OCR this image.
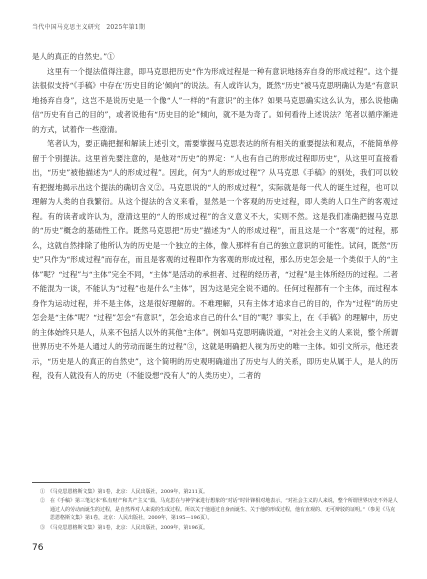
当代中国马克思主义研究　2025年第1期

是人的真正的自然史。”①

这里有一个提法值得注意，即马克思把历史“作为形成过程是一种有意识地扬弃自身的形成过程”。这个提法很似支持“《手稿》中存在‘历史目的论’倾向”的说法。有人或许认为，既然“历史”被马克思明确认为是“有意识地扬弃自身”，这岂不是说历史是一个像“人”一样的“有意识”的主体？如果马克思确实这么认为，那么说他确信“历史有自己的目的”，或者说他有“历史目的论”倾向，就不是为奇了。如何看待上述说法？笔者以循序渐进的方式，试着作一些澄清。

笔者认为，要正确把握和解读上述引文，需要掌握马克思表达的所有相关的重要提法和观点，不能简单停留于个别提法。这里首先要注意的，是他对“历史”的界定：“人也有自己的形成过程即历史”，从这里可直接看出，“历史”被他描述为“人的形成过程”。因此，何为“人的形成过程”？从马克思《手稿》的别处，我们可以较有把握地揭示出这个提法的确切含义②。马克思说的“人的形成过程”，实际就是每一代人的诞生过程，也可以理解为人类的自我繁衍。从这个提法的含义来看，显然是一个客观的历史过程，即人类的人口生产的客观过程。有的读者或许认为，澄清这里的“人的形成过程”的含义意义不大，实则不然。这是我们准确把握马克思的“历史”概念的基础性工作。既然马克思把“历史”描述为“人的形成过程”，而且这是一个“客观”的过程，那么，这就自然排除了他所认为的历史是一个独立的主体，像人那样有自己的独立意识的可能性。试问，既然“历史”只作为“形成过程”而存在，而且是客观的过程即作为客观的形成过程，那么历史怎会是一个类似于人的“主体”呢？“过程”与“主体”完全不同，“主体”是活动的承担者、过程的经历者，“过程”是主体所经历的过程。二者不能混为一谈，不能认为“过程”也是什么“主体”，因为这是完全说不通的。任何过程都有一个主体，而过程本身作为运动过程，并不是主体，这是很好理解的。不难理解，只有主体才追求自己的目的，作为“过程”的历史怎会是“主体”呢？“过程”怎会“有意识”，怎会追求自己的什么“目的”呢？事实上，在《手稿》的理解中，历史的主体始终只是人，从来不包括人以外的其他“主体”。例如马克思明确说道，“对社会主义的人来说，整个所谓世界历史不外是人通过人的劳动而诞生的过程”③，这就是明确把人视为历史的唯一主体。如引文所示，他还表示，“历史是人的真正的自然史”，这个简明的历史观明确道出了历史与人的关系，即历史从属于人，是人的历程，没有人就没有人的历史（不能设想“没有人”的人类历史），二者的

①　《马克思恩格斯文集》第1卷，北京：人民出版社，2009年，第211页。

②　在《手稿》第三笔记本“私有财产和共产主义”篇，马克思在与神学家进行想象的“对话”时针锋相对地表示，“对社会主义的人来说，整个所谓世界历史不外是人通过人的劳动而诞生的过程，是自然界对人来说的生成过程。所以关于他通过自身而诞生、关于他的形成过程，他有直观的、无可辩驳的证明。”（参见《马克思恩格斯文集》第1卷，北京：人民出版社，2009年，第195—196页）。

③　《马克思恩格斯文集》第1卷，北京：人民出版社，2009年，第196页。

76
